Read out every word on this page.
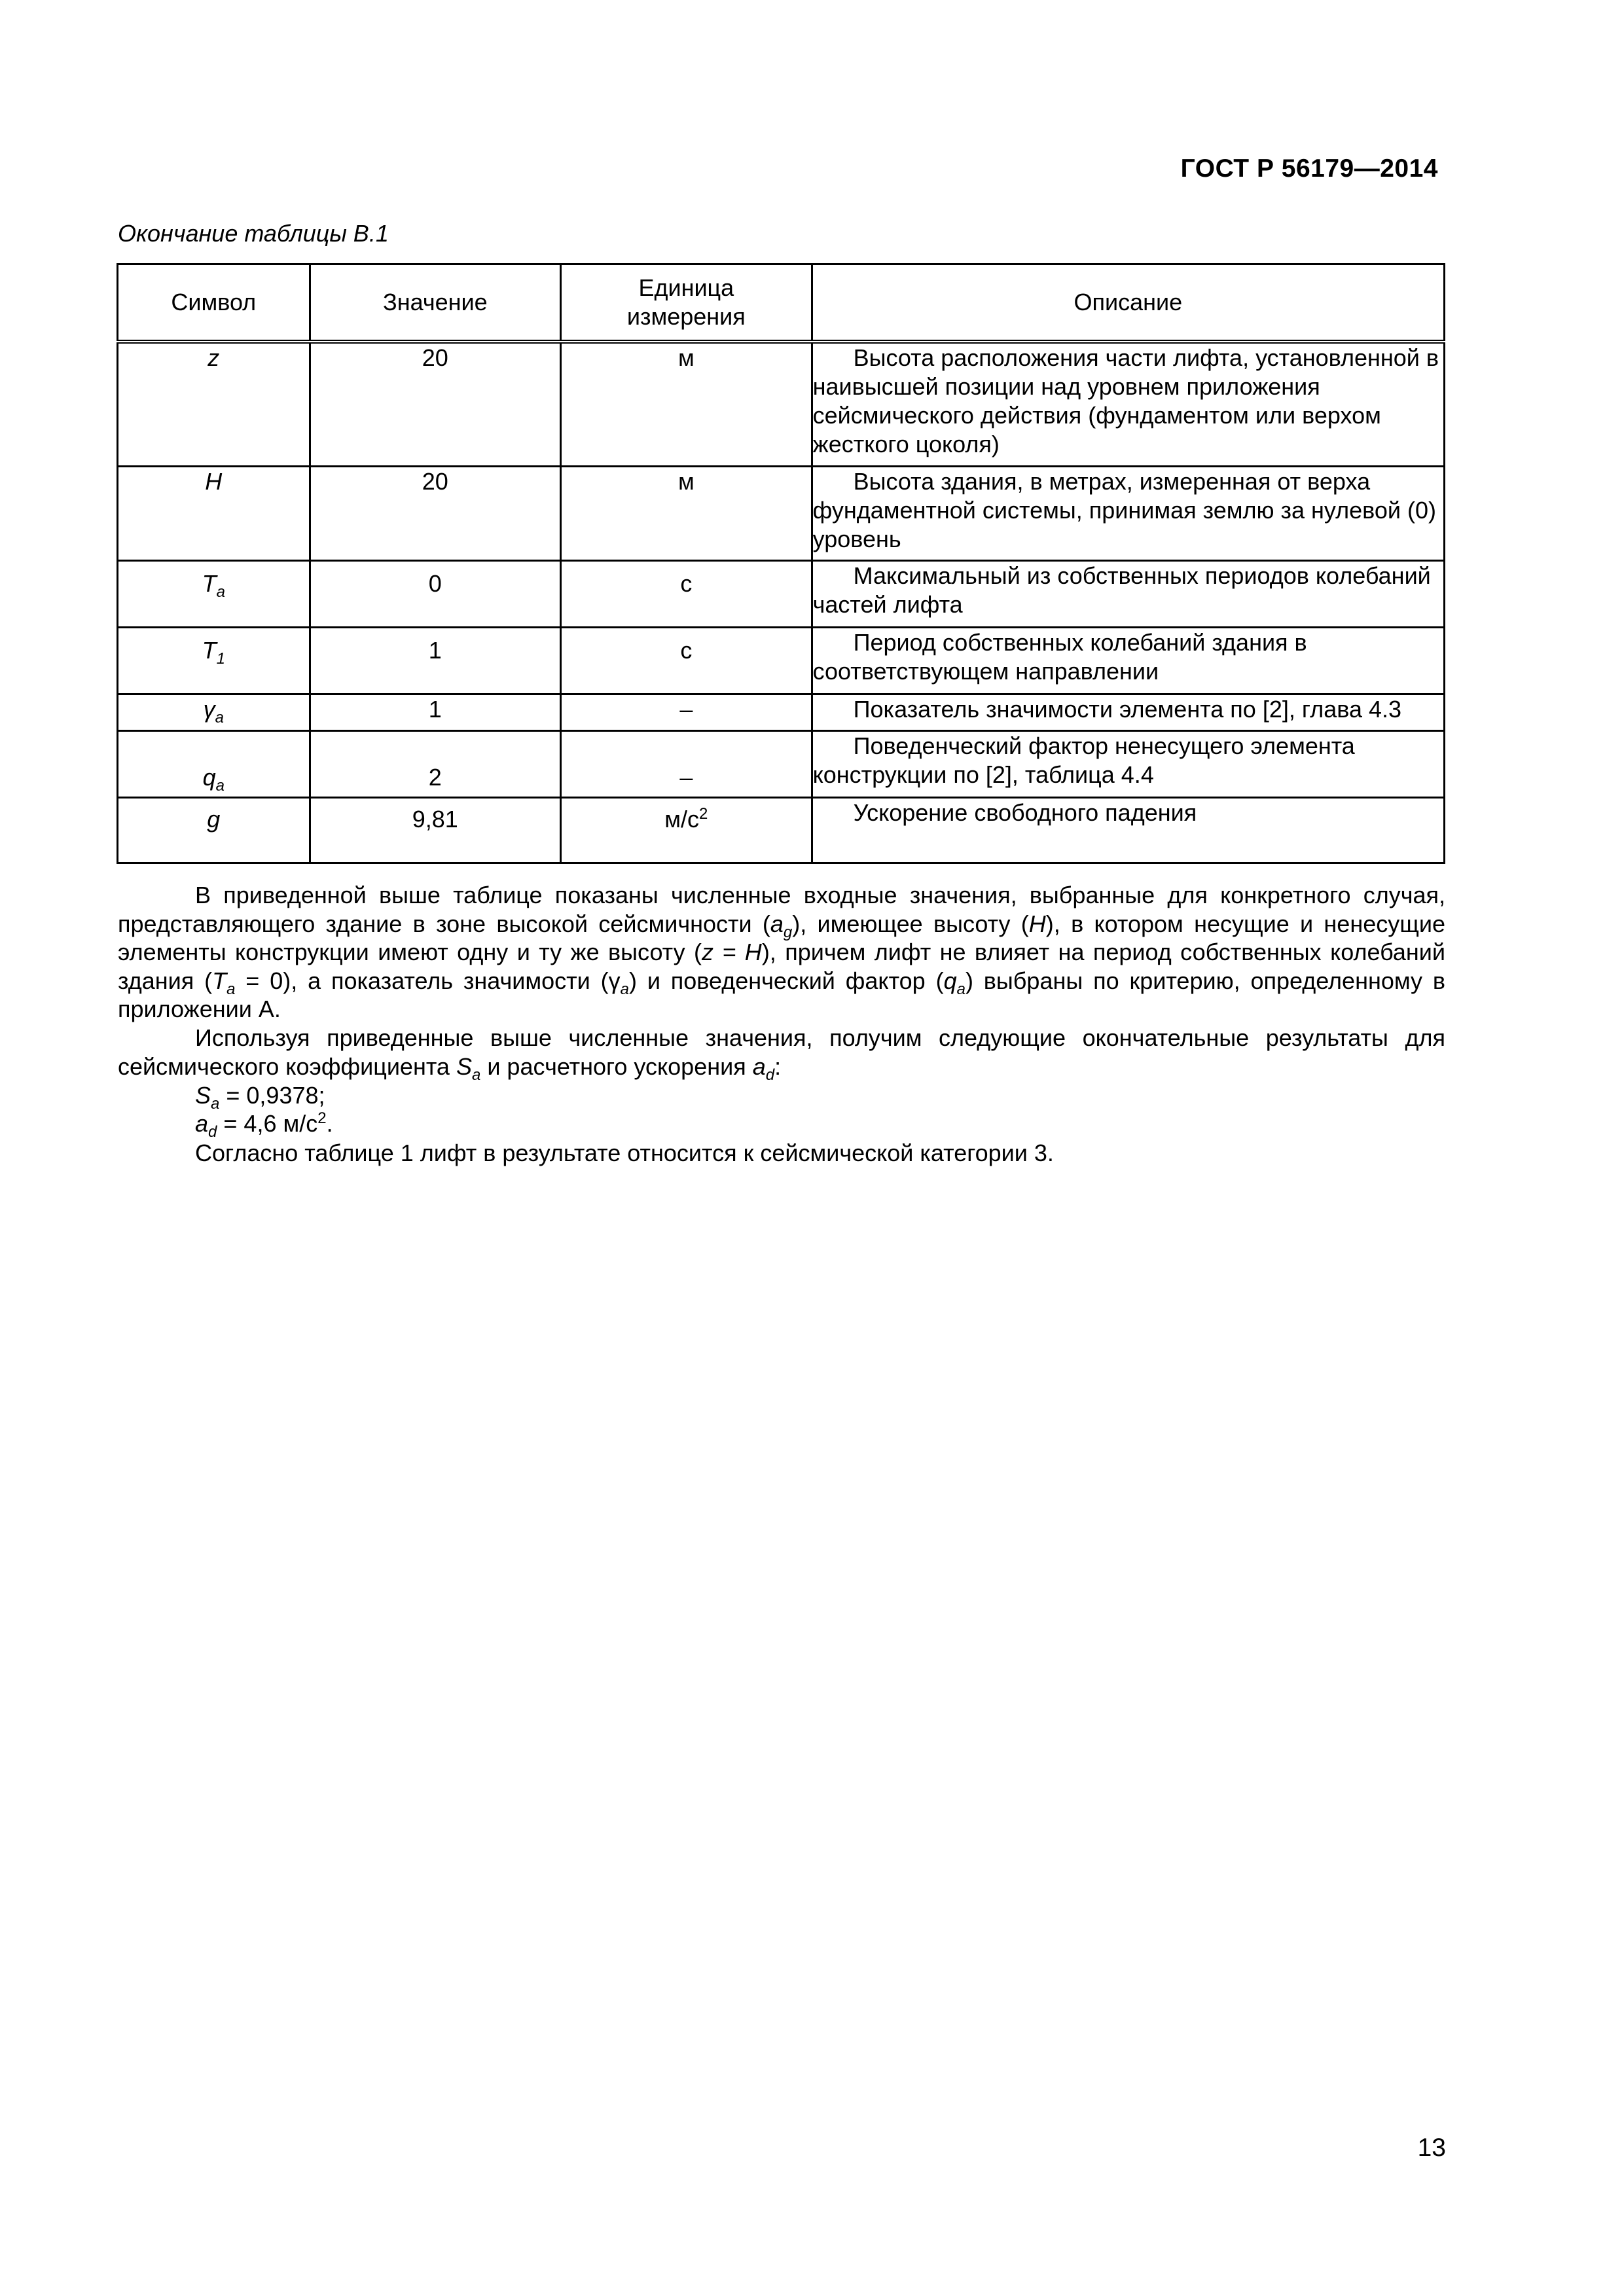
ГОСТ Р 56179—2014
Окончание таблицы В.1
Символ	Значение	Единица измерения	Описание
z	20	м	Высота расположения части лифта, установленной в наивысшей позиции над уровнем приложения сейсмического действия (фундаментом или верхом жесткого цоколя)
H	20	м	Высота здания, в метрах, измеренная от верха фундаментной системы, принимая землю за нулевой (0) уровень
$T_a$	0	с	Максимальный из собственных периодов колебаний частей лифта
$T_1$	1	с	Период собственных колебаний здания в соответствующем направлении
$\gamma_a$	1	–	Показатель значимости элемента по [2], глава 4.3
$q_a$	2	–	Поведенческий фактор ненесущего элемента конструкции по [2], таблица 4.4
g	9,81	$м/с^2$	Ускорение свободного падения
В приведенной выше таблице показаны численные входные значения, выбранные для конкретного случая, представляющего здание в зоне высокой сейсмичности $(a_g)$, имеющее высоту (H), в котором несущие и ненесущие элементы конструкции имеют одну и ту же высоту (z = H), причем лифт не влияет на период собственных колебаний здания $(T_a = 0)$, а показатель значимости $(\gamma_a)$ и поведенческий фактор $(q_a)$ выбраны по критерию, определенному в приложении А.
Используя приведенные выше численные значения, получим следующие окончательные результаты для сейсмического коэффициента $S_a$ и расчетного ускорения $a_d$:
$S_a = 0,9378$;
$a_d = 4,6$ $м/с^2$.
Согласно таблице 1 лифт в результате относится к сейсмической категории 3.
13
